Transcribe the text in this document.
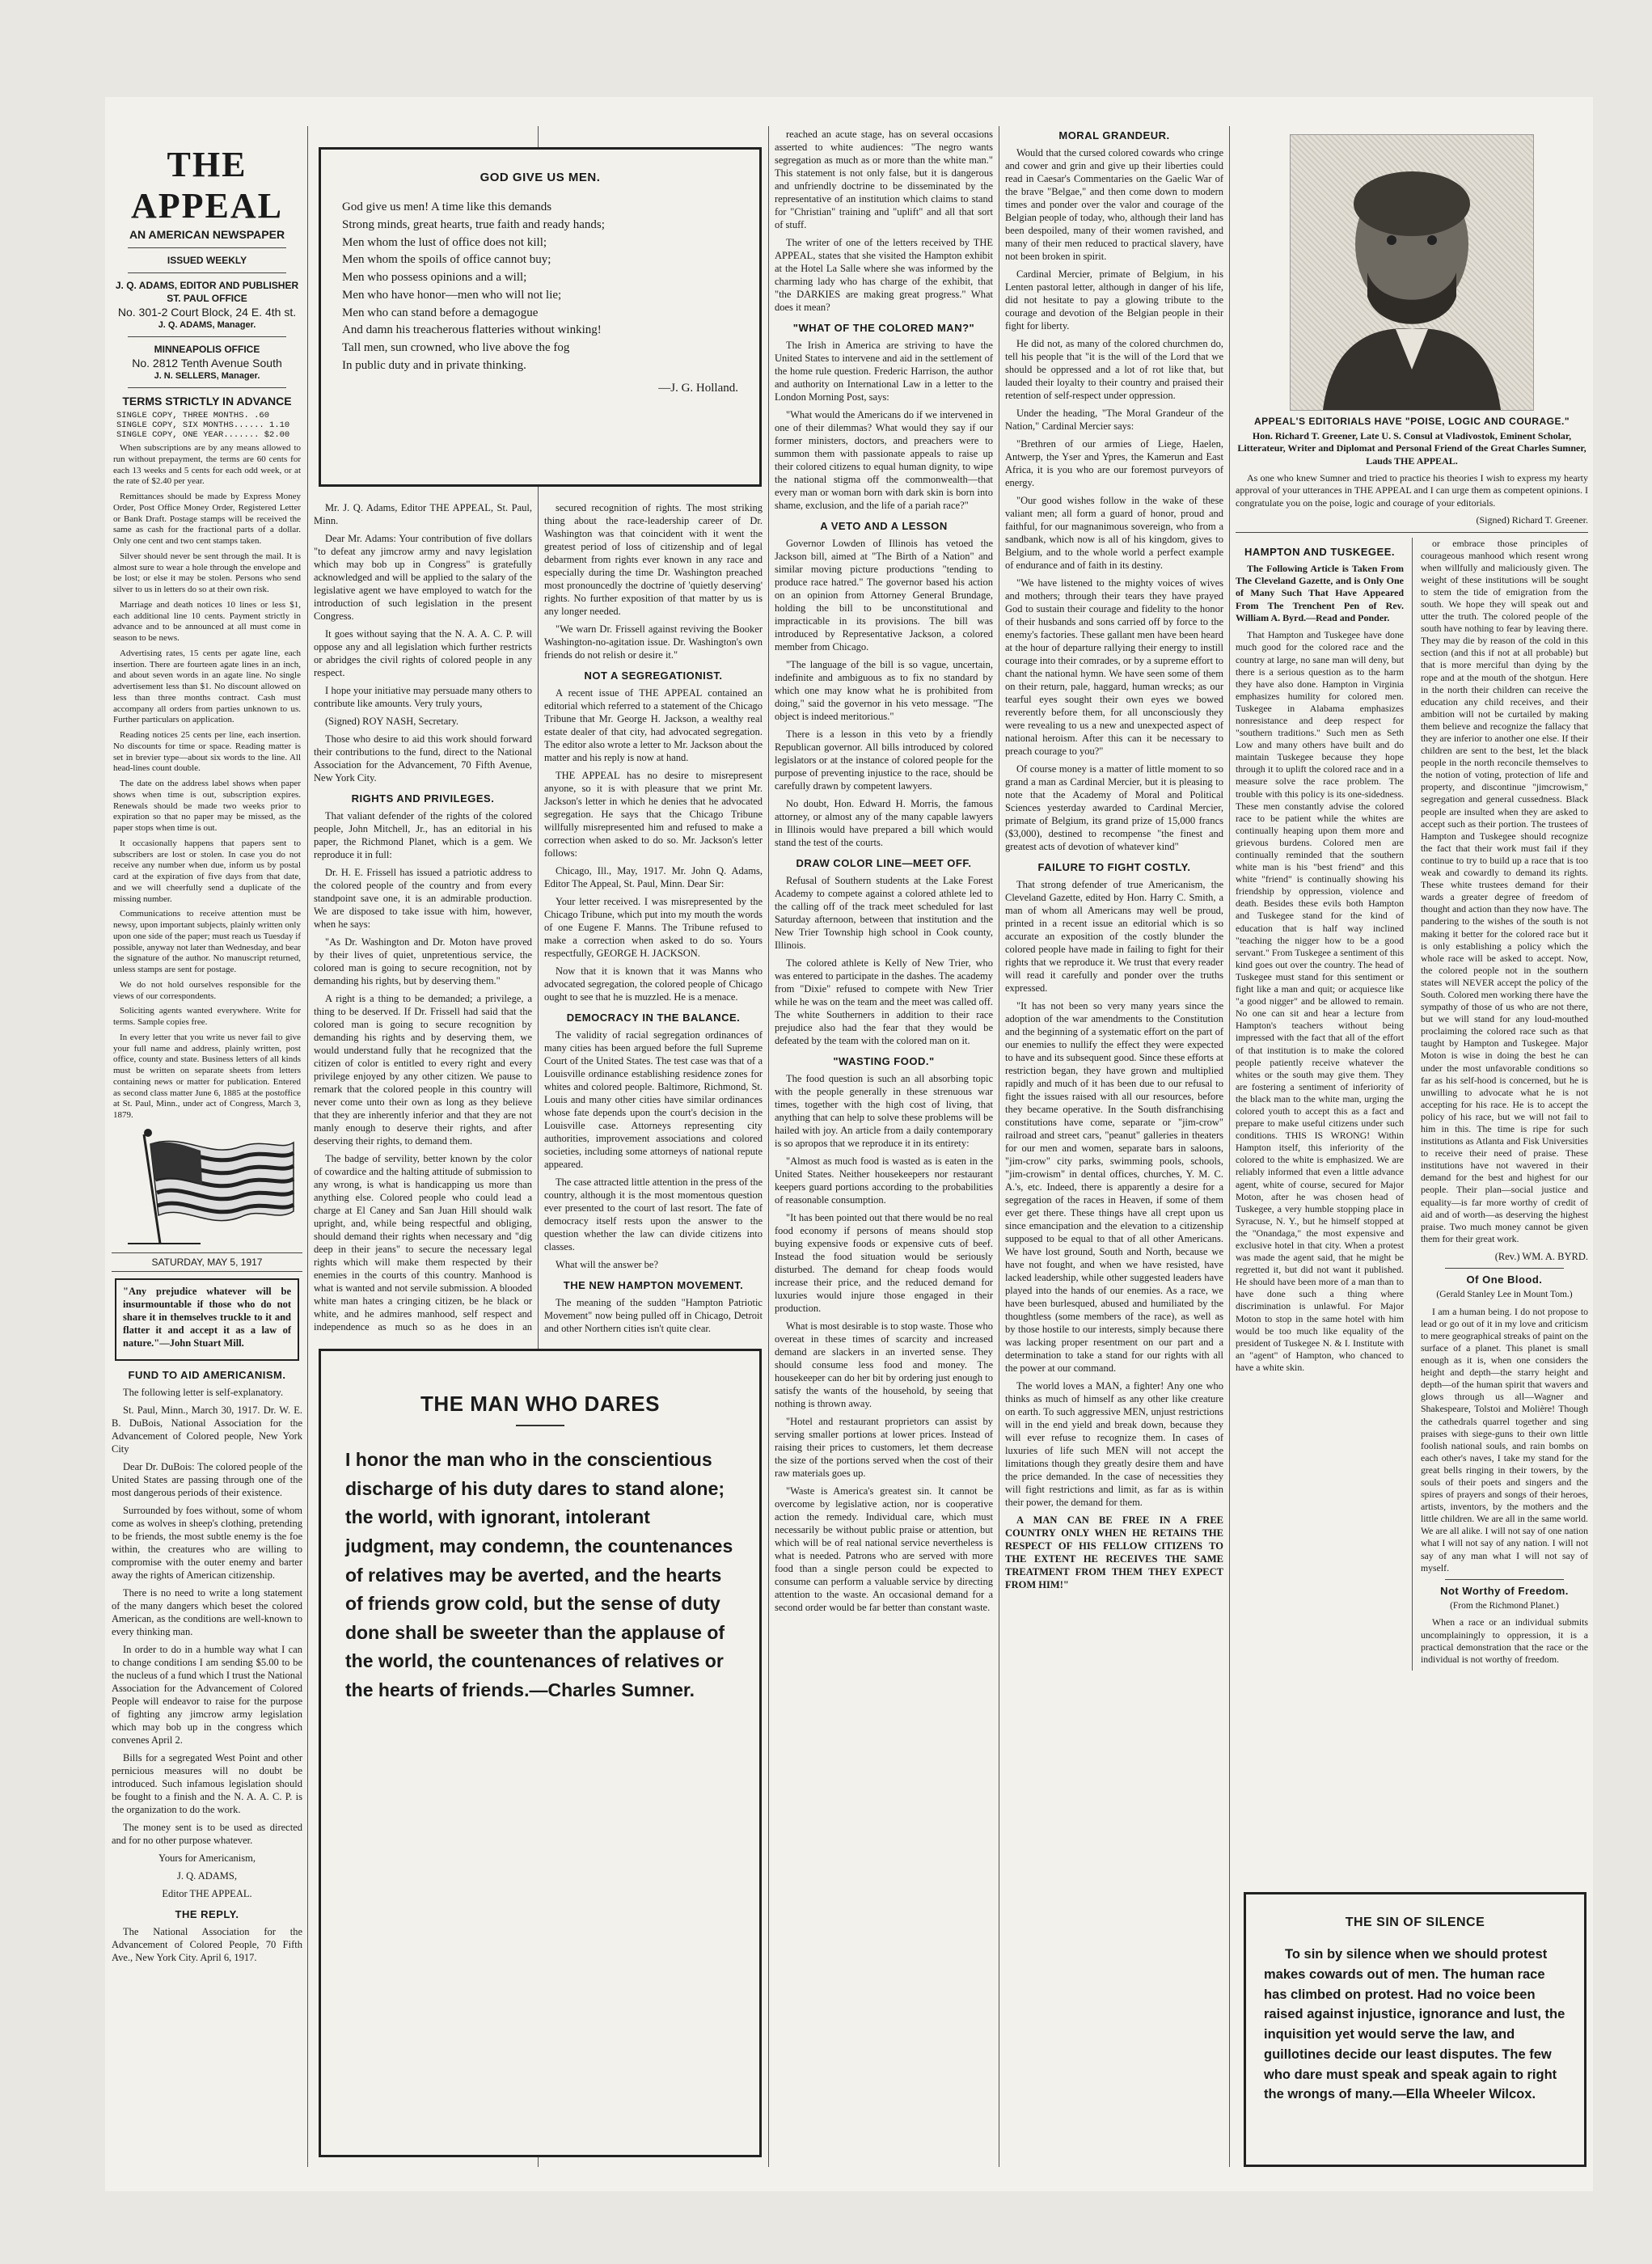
THE APPEAL
AN AMERICAN NEWSPAPER
ISSUED WEEKLY
J. Q. ADAMS, EDITOR AND PUBLISHER
ST. PAUL OFFICE
No. 301-2 Court Block, 24 E. 4th st.
J. Q. ADAMS, Manager.
MINNEAPOLIS OFFICE
No. 2812 Tenth Avenue South
J. N. SELLERS, Manager.
TERMS STRICTLY IN ADVANCE
SINGLE COPY, THREE MONTHS. .60
SINGLE COPY, SIX MONTHS...... 1.10
SINGLE COPY, ONE YEAR....... $2.00

When subscriptions are by any means allowed to run without prepayment, the terms are 60 cents for each 13 weeks and 5 cents for each odd week, or at the rate of $2.40 per year.

Remittances should be made by Express Money Order, Post Office Money Order, Registered Letter or Bank Draft. Postage stamps will be received the same as cash for the fractional parts of a dollar. Only one cent and two cent stamps taken.

Silver should never be sent through the mail. It is almost sure to wear a hole through the envelope and be lost; or else it may be stolen. Persons who send silver to us in letters do so at their own risk.

Marriage and death notices 10 lines or less $1, each additional line 10 cents. Payment strictly in advance and to be announced at all must come in season to be news.

Advertising rates, 15 cents per agate line, each insertion. There are fourteen agate lines in an inch, and about seven words in an agate line. No single advertisement less than $1. No discount allowed on less than three months contract. Cash must accompany all orders from parties unknown to us. Further particulars on application.

Reading notices 25 cents per line, each insertion. No discounts for time or space. Reading matter is set in brevier type—about six words to the line. All head-lines count double.

The date on the address label shows when paper shows when time is out, subscription expires. Renewals should be made two weeks prior to expiration so that no paper may be missed, as the paper stops when time is out.

It occasionally happens that papers sent to subscribers are lost or stolen. In case you do not receive any number when due, inform us by postal card at the expiration of five days from that date, and we will cheerfully send a duplicate of the missing number.

Communications to receive attention must be newsy, upon important subjects, plainly written only upon one side of the paper; must reach us Tuesday if possible, anyway not later than Wednesday, and bear the signature of the author. No manuscript returned, unless stamps are sent for postage.

We do not hold ourselves responsible for the views of our correspondents.

Soliciting agents wanted everywhere. Write for terms. Sample copies free.

In every letter that you write us never fail to give your full name and address, plainly written, post office, county and state. Business letters of all kinds must be written on separate sheets from letters containing news or matter for publication. Entered as second class matter June 6, 1885 at the postoffice at St. Paul, Minn., under act of Congress, March 3, 1879.

SATURDAY, MAY 5, 1917

"Any prejudice whatever will be insurmountable if those who do not share it in themselves truckle to it and flatter it and accept it as a law of nature."—John Stuart Mill.

FUND TO AID AMERICANISM.

The following letter is self-explanatory.

St. Paul, Minn., March 30, 1917. Dr. W. E. B. DuBois, National Association for the Advancement of Colored people, New York City

Dear Dr. DuBois: The colored people of the United States are passing through one of the most dangerous periods of their existence.

Surrounded by foes without, some of whom come as wolves in sheep's clothing, pretending to be friends, the most subtle enemy is the foe within, the creatures who are willing to compromise with the outer enemy and barter away the rights of American citizenship.

There is no need to write a long statement of the many dangers which beset the colored American, as the conditions are well-known to every thinking man.

In order to do in a humble way what I can to change conditions I am sending $5.00 to be the nucleus of a fund which I trust the National Association for the Advancement of Colored People will endeavor to raise for the purpose of fighting any jimcrow army legislation which may bob up in the congress which convenes April 2.

Bills for a segregated West Point and other pernicious measures will no doubt be introduced. Such infamous legislation should be fought to a finish and the N. A. A. C. P. is the organization to do the work.

The money sent is to be used as directed and for no other purpose whatever.

Yours for Americanism,

J. Q. ADAMS,

Editor THE APPEAL.

THE REPLY.

The National Association for the Advancement of Colored People, 70 Fifth Ave., New York City. April 6, 1917.

GOD GIVE US MEN.

God give us men! A time like this demands

Strong minds, great hearts, true faith and ready hands;

Men whom the lust of office does not kill;

Men whom the spoils of office cannot buy;

Men who possess opinions and a will;

Men who have honor—men who will not lie;

Men who can stand before a demagogue

And damn his treacherous flatteries without winking!

Tall men, sun crowned, who live above the fog

In public duty and in private thinking.

—J. G. Holland.

Mr. J. Q. Adams, Editor THE APPEAL, St. Paul, Minn.

Dear Mr. Adams: Your contribution of five dollars "to defeat any jimcrow army and navy legislation which may bob up in Congress" is gratefully acknowledged and will be applied to the salary of the legislative agent we have employed to watch for the introduction of such legislation in the present Congress.

It goes without saying that the N. A. A. C. P. will oppose any and all legislation which further restricts or abridges the civil rights of colored people in any respect.

I hope your initiative may persuade many others to contribute like amounts. Very truly yours,

(Signed) ROY NASH, Secretary.

Those who desire to aid this work should forward their contributions to the fund, direct to the National Association for the Advancement, 70 Fifth Avenue, New York City.

RIGHTS AND PRIVILEGES.

That valiant defender of the rights of the colored people, John Mitchell, Jr., has an editorial in his paper, the Richmond Planet, which is a gem. We reproduce it in full:

Dr. H. E. Frissell has issued a patriotic address to the colored people of the country and from every standpoint save one, it is an admirable production. We are disposed to take issue with him, however, when he says:

"As Dr. Washington and Dr. Moton have proved by their lives of quiet, unpretentious service, the colored man is going to secure recognition, not by demanding his rights, but by deserving them."

A right is a thing to be demanded; a privilege, a thing to be deserved. If Dr. Frissell had said that the colored man is going to secure recognition by demanding his rights and by deserving them, we would understand fully that he recognized that the citizen of color is entitled to every right and every privilege enjoyed by any other citizen. We pause to remark that the colored people in this country will never come unto their own as long as they believe that they are inherently inferior and that they are not manly enough to deserve their rights, and after deserving their rights, to demand them.

The badge of servility, better known by the color of cowardice and the halting attitude of submission to any wrong, is what is handicapping us more than anything else. Colored people who could lead a charge at El Caney and San Juan Hill should walk upright, and, while being respectful and obliging, should demand their rights when necessary and "dig deep in their jeans" to secure the necessary legal rights which will make them respected by their enemies in the courts of this country. Manhood is what is wanted and not servile submission. A blooded white man hates a cringing citizen, be he black or white, and he admires manhood, self respect and independence as much so as he does in an

secured recognition of rights. The most striking thing about the race-leadership career of Dr. Washington was that coincident with it went the greatest period of loss of citizenship and of legal debarment from rights ever known in any race and especially during the time Dr. Washington preached most pronouncedly the doctrine of 'quietly deserving' rights. No further exposition of that matter by us is any longer needed.

"We warn Dr. Frissell against reviving the Booker Washington-no-agitation issue. Dr. Washington's own friends do not relish or desire it."

NOT A SEGREGATIONIST.

A recent issue of THE APPEAL contained an editorial which referred to a statement of the Chicago Tribune that Mr. George H. Jackson, a wealthy real estate dealer of that city, had advocated segregation. The editor also wrote a letter to Mr. Jackson about the matter and his reply is now at hand.

THE APPEAL has no desire to misrepresent anyone, so it is with pleasure that we print Mr. Jackson's letter in which he denies that he advocated segregation. He says that the Chicago Tribune willfully misrepresented him and refused to make a correction when asked to do so. Mr. Jackson's letter follows:

Chicago, Ill., May, 1917. Mr. John Q. Adams, Editor The Appeal, St. Paul, Minn. Dear Sir:

Your letter received. I was misrepresented by the Chicago Tribune, which put into my mouth the words of one Eugene F. Manns. The Tribune refused to make a correction when asked to do so. Yours respectfully, GEORGE H. JACKSON.

Now that it is known that it was Manns who advocated segregation, the colored people of Chicago ought to see that he is muzzled. He is a menace.

DEMOCRACY IN THE BALANCE.

The validity of racial segregation ordinances of many cities has been argued before the full Supreme Court of the United States. The test case was that of a Louisville ordinance establishing residence zones for whites and colored people. Baltimore, Richmond, St. Louis and many other cities have similar ordinances whose fate depends upon the court's decision in the Louisville case. Attorneys representing city authorities, improvement associations and colored societies, including some attorneys of national repute appeared.

The case attracted little attention in the press of the country, although it is the most momentous question ever presented to the court of last resort. The fate of democracy itself rests upon the answer to the question whether the law can divide citizens into classes.

What will the answer be?

THE NEW HAMPTON MOVEMENT.

The meaning of the sudden "Hampton Patriotic Movement" now being pulled off in Chicago, Detroit and other Northern cities isn't quite clear.

THE MAN WHO DARES

I honor the man who in the conscientious discharge of his duty dares to stand alone; the world, with ignorant, intolerant judgment, may condemn, the countenances of relatives may be averted, and the hearts of friends grow cold, but the sense of duty done shall be sweeter than the applause of the world, the countenances of relatives or the hearts of friends.—Charles Sumner.

reached an acute stage, has on several occasions asserted to white audiences: "The negro wants segregation as much as or more than the white man." This statement is not only false, but it is dangerous and unfriendly doctrine to be disseminated by the representative of an institution which claims to stand for "Christian" training and "uplift" and all that sort of stuff.

The writer of one of the letters received by THE APPEAL, states that she visited the Hampton exhibit at the Hotel La Salle where she was informed by the charming lady who has charge of the exhibit, that "the DARKIES are making great progress." What does it mean?

"WHAT OF THE COLORED MAN?"

The Irish in America are striving to have the United States to intervene and aid in the settlement of the home rule question. Frederic Harrison, the author and authority on International Law in a letter to the London Morning Post, says:

"What would the Americans do if we intervened in one of their dilemmas? What would they say if our former ministers, doctors, and preachers were to summon them with passionate appeals to raise up their colored citizens to equal human dignity, to wipe the national stigma off the commonwealth—that every man or woman born with dark skin is born into shame, exclusion, and the life of a pariah race?"

A VETO AND A LESSON

Governor Lowden of Illinois has vetoed the Jackson bill, aimed at "The Birth of a Nation" and similar moving picture productions "tending to produce race hatred." The governor based his action on an opinion from Attorney General Brundage, holding the bill to be unconstitutional and impracticable in its provisions. The bill was introduced by Representative Jackson, a colored member from Chicago.

"The language of the bill is so vague, uncertain, indefinite and ambiguous as to fix no standard by which one may know what he is prohibited from doing," said the governor in his veto message. "The object is indeed meritorious."

There is a lesson in this veto by a friendly Republican governor. All bills introduced by colored legislators or at the instance of colored people for the purpose of preventing injustice to the race, should be carefully drawn by competent lawyers.

No doubt, Hon. Edward H. Morris, the famous attorney, or almost any of the many capable lawyers in Illinois would have prepared a bill which would stand the test of the courts.

DRAW COLOR LINE—MEET OFF.

Refusal of Southern students at the Lake Forest Academy to compete against a colored athlete led to the calling off of the track meet scheduled for last Saturday afternoon, between that institution and the New Trier Township high school in Cook county, Illinois.

The colored athlete is Kelly of New Trier, who was entered to participate in the dashes. The academy from "Dixie" refused to compete with New Trier while he was on the team and the meet was called off. The white Southerners in addition to their race prejudice also had the fear that they would be defeated by the team with the colored man on it.

"WASTING FOOD."

The food question is such an all absorbing topic with the people generally in these strenuous war times, together with the high cost of living, that anything that can help to solve these problems will be hailed with joy. An article from a daily contemporary is so apropos that we reproduce it in its entirety:

"Almost as much food is wasted as is eaten in the United States. Neither housekeepers nor restaurant keepers guard portions according to the probabilities of reasonable consumption.

"It has been pointed out that there would be no real food economy if persons of means should stop buying expensive foods or expensive cuts of beef. Instead the food situation would be seriously disturbed. The demand for cheap foods would increase their price, and the reduced demand for luxuries would injure those engaged in their production.

What is most desirable is to stop waste. Those who overeat in these times of scarcity and increased demand are slackers in an inverted sense. They should consume less food and money. The housekeeper can do her bit by ordering just enough to satisfy the wants of the household, by seeing that nothing is thrown away.

"Hotel and restaurant proprietors can assist by serving smaller portions at lower prices. Instead of raising their prices to customers, let them decrease the size of the portions served when the cost of their raw materials goes up.

"Waste is America's greatest sin. It cannot be overcome by legislative action, nor is cooperative action the remedy. Individual care, which must necessarily be without public praise or attention, but which will be of real national service nevertheless is what is needed. Patrons who are served with more food than a single person could be expected to consume can perform a valuable service by directing attention to the waste. An occasional demand for a second order would be far better than constant waste.

MORAL GRANDEUR.

Would that the cursed colored cowards who cringe and cower and grin and give up their liberties could read in Caesar's Commentaries on the Gaelic War of the brave "Belgae," and then come down to modern times and ponder over the valor and courage of the Belgian people of today, who, although their land has been despoiled, many of their women ravished, and many of their men reduced to practical slavery, have not been broken in spirit.

Cardinal Mercier, primate of Belgium, in his Lenten pastoral letter, although in danger of his life, did not hesitate to pay a glowing tribute to the courage and devotion of the Belgian people in their fight for liberty.

He did not, as many of the colored churchmen do, tell his people that "it is the will of the Lord that we should be oppressed and a lot of rot like that, but lauded their loyalty to their country and praised their retention of self-respect under oppression.

Under the heading, "The Moral Grandeur of the Nation," Cardinal Mercier says:

"Brethren of our armies of Liege, Haelen, Antwerp, the Yser and Ypres, the Kamerun and East Africa, it is you who are our foremost purveyors of energy.

"Our good wishes follow in the wake of these valiant men; all form a guard of honor, proud and faithful, for our magnanimous sovereign, who from a sandbank, which now is all of his kingdom, gives to Belgium, and to the whole world a perfect example of endurance and of faith in its destiny.

"We have listened to the mighty voices of wives and mothers; through their tears they have prayed God to sustain their courage and fidelity to the honor of their husbands and sons carried off by force to the enemy's factories. These gallant men have been heard at the hour of departure rallying their energy to instill courage into their comrades, or by a supreme effort to chant the national hymn. We have seen some of them on their return, pale, haggard, human wrecks; as our tearful eyes sought their own eyes we bowed reverently before them, for all unconsciously they were revealing to us a new and unexpected aspect of national heroism. After this can it be necessary to preach courage to you?"

Of course money is a matter of little moment to so grand a man as Cardinal Mercier, but it is pleasing to note that the Academy of Moral and Political Sciences yesterday awarded to Cardinal Mercier, primate of Belgium, its grand prize of 15,000 francs ($3,000), destined to recompense "the finest and greatest acts of devotion of whatever kind"

FAILURE TO FIGHT COSTLY.

That strong defender of true Americanism, the Cleveland Gazette, edited by Hon. Harry C. Smith, a man of whom all Americans may well be proud, printed in a recent issue an editorial which is so accurate an exposition of the costly blunder the colored people have made in failing to fight for their rights that we reproduce it. We trust that every reader will read it carefully and ponder over the truths expressed.

"It has not been so very many years since the adoption of the war amendments to the Constitution and the beginning of a systematic effort on the part of our enemies to nullify the effect they were expected to have and its subsequent good. Since these efforts at restriction began, they have grown and multiplied rapidly and much of it has been due to our refusal to fight the issues raised with all our resources, before they became operative. In the South disfranchising constitutions have come, separate or "jim-crow" railroad and street cars, "peanut" galleries in theaters for our men and women, separate bars in saloons, "jim-crow" city parks, swimming pools, schools, "jim-crowism" in dental offices, churches, Y. M. C. A.'s, etc. Indeed, there is apparently a desire for a segregation of the races in Heaven, if some of them ever get there. These things have all crept upon us since emancipation and the elevation to a citizenship supposed to be equal to that of all other Americans. We have lost ground, South and North, because we have not fought, and when we have resisted, have lacked leadership, while other suggested leaders have played into the hands of our enemies. As a race, we have been burlesqued, abused and humiliated by the thoughtless (some members of the race), as well as by those hostile to our interests, simply because there was lacking proper resentment on our part and a determination to take a stand for our rights with all the power at our command.

The world loves a MAN, a fighter! Any one who thinks as much of himself as any other like creature on earth. To such aggressive MEN, unjust restrictions will in the end yield and break down, because they will ever refuse to recognize them. In cases of luxuries of life such MEN will not accept the limitations though they greatly desire them and have the price demanded. In the case of necessities they will fight restrictions and limit, as far as is within their power, the demand for them.

A MAN CAN BE FREE IN A FREE COUNTRY ONLY WHEN HE RETAINS THE RESPECT OF HIS FELLOW CITIZENS TO THE EXTENT HE RECEIVES THE SAME TREATMENT FROM THEM THEY EXPECT FROM HIM!"

APPEAL'S EDITORIALS HAVE "POISE, LOGIC AND COURAGE."

Hon. Richard T. Greener, Late U. S. Consul at Vladivostok, Eminent Scholar, Litterateur, Writer and Diplomat and Personal Friend of the Great Charles Sumner, Lauds THE APPEAL.

As one who knew Sumner and tried to practice his theories I wish to express my hearty approval of your utterances in THE APPEAL and I can urge them as competent opinions. I congratulate you on the poise, logic and courage of your editorials.

(Signed) Richard T. Greener.

HAMPTON AND TUSKEGEE.

The Following Article is Taken From The Cleveland Gazette, and is Only One of Many Such That Have Appeared From The Trenchent Pen of Rev. William A. Byrd.—Read and Ponder.

That Hampton and Tuskegee have done much good for the colored race and the country at large, no sane man will deny, but there is a serious question as to the harm they have also done. Hampton in Virginia emphasizes humility for colored men. Tuskegee in Alabama emphasizes nonresistance and deep respect for "southern traditions." Such men as Seth Low and many others have built and do maintain Tuskegee because they hope through it to uplift the colored race and in a measure solve the race problem. The trouble with this policy is its one-sidedness. These men constantly advise the colored race to be patient while the whites are continually heaping upon them more and grievous burdens. Colored men are continually reminded that the southern white man is his "best friend" and this white "friend" is continually showing his friendship by oppression, violence and death. Besides these evils both Hampton and Tuskegee stand for the kind of education that is half way inclined "teaching the nigger how to be a good servant." From Tuskegee a sentiment of this kind goes out over the country. The head of Tuskegee must stand for this sentiment or fight like a man and quit; or acquiesce like "a good nigger" and be allowed to remain. No one can sit and hear a lecture from Hampton's teachers without being impressed with the fact that all of the effort of that institution is to make the colored people patiently receive whatever the whites or the south may give them. They are fostering a sentiment of inferiority of the black man to the white man, urging the colored youth to accept this as a fact and prepare to make useful citizens under such conditions. THIS IS WRONG! Within Hampton itself, this inferiority of the colored to the white is emphasized. We are reliably informed that even a little advance agent, white of course, secured for Major Moton, after he was chosen head of Tuskegee, a very humble stopping place in Syracuse, N. Y., but he himself stopped at the "Onandaga," the most expensive and exclusive hotel in that city. When a protest was made the agent said, that he might be regretted it, but did not want it published. He should have been more of a man than to have done such a thing where discrimination is unlawful. For Major Moton to stop in the same hotel with him would be too much like equality of the president of Tuskegee N. & I. Institute with an "agent" of Hampton, who chanced to have a white skin.

or embrace those principles of courageous manhood which resent wrong when willfully and maliciously given. The weight of these institutions will be sought to stem the tide of emigration from the south. We hope they will speak out and utter the truth. The colored people of the south have nothing to fear by leaving there. They may die by reason of the cold in this section (and this if not at all probable) but that is more merciful than dying by the rope and at the mouth of the shotgun. Here in the north their children can receive the education any child receives, and their ambition will not be curtailed by making them believe and recognize the fallacy that they are inferior to another one else. If their children are sent to the best, let the black people in the north reconcile themselves to the notion of voting, protection of life and property, and discontinue "jimcrowism," segregation and general cussedness. Black people are insulted when they are asked to accept such as their portion. The trustees of Hampton and Tuskegee should recognize the fact that their work must fail if they continue to try to build up a race that is too weak and cowardly to demand its rights. These white trustees demand for their wards a greater degree of freedom of thought and action than they now have. The pandering to the wishes of the south is not making it better for the colored race but it is only establishing a policy which the whole race will be asked to accept. Now, the colored people not in the southern states will NEVER accept the policy of the South. Colored men working there have the sympathy of those of us who are not there, but we will stand for any loud-mouthed proclaiming the colored race such as that taught by Hampton and Tuskegee. Major Moton is wise in doing the best he can under the most unfavorable conditions so far as his self-hood is concerned, but he is unwilling to advocate what he is not accepting for his race. He is to accept the policy of his race, but we will not fail to him in this. The time is ripe for such institutions as Atlanta and Fisk Universities to receive their need of praise. These institutions have not wavered in their demand for the best and highest for our people. Their plan—social justice and equality—is far more worthy of credit of aid and of worth—as deserving the highest praise. Two much money cannot be given them for their great work.

(Rev.) WM. A. BYRD.

Of One Blood.

(Gerald Stanley Lee in Mount Tom.)

I am a human being. I do not propose to lead or go out of it in my love and criticism to mere geographical streaks of paint on the surface of a planet. This planet is small enough as it is, when one considers the height and depth—the starry height and depth—of the human spirit that wavers and glows through us all—Wagner and Shakespeare, Tolstoi and Molière! Though the cathedrals quarrel together and sing praises with siege-guns to their own little foolish national souls, and rain bombs on each other's naves, I take my stand for the great bells ringing in their towers, by the souls of their poets and singers and the spires of prayers and songs of their heroes, artists, inventors, by the mothers and the little children. We are all in the same world. We are all alike. I will not say of one nation what I will not say of any nation. I will not say of any man what I will not say of myself.

Not Worthy of Freedom.

(From the Richmond Planet.)

When a race or an individual submits uncomplainingly to oppression, it is a practical demonstration that the race or the individual is not worthy of freedom.

THE SIN OF SILENCE

To sin by silence when we should protest makes cowards out of men. The human race has climbed on protest. Had no voice been raised against injustice, ignorance and lust, the inquisition yet would serve the law, and guillotines decide our least disputes. The few who dare must speak and speak again to right the wrongs of many.—Ella Wheeler Wilcox.
